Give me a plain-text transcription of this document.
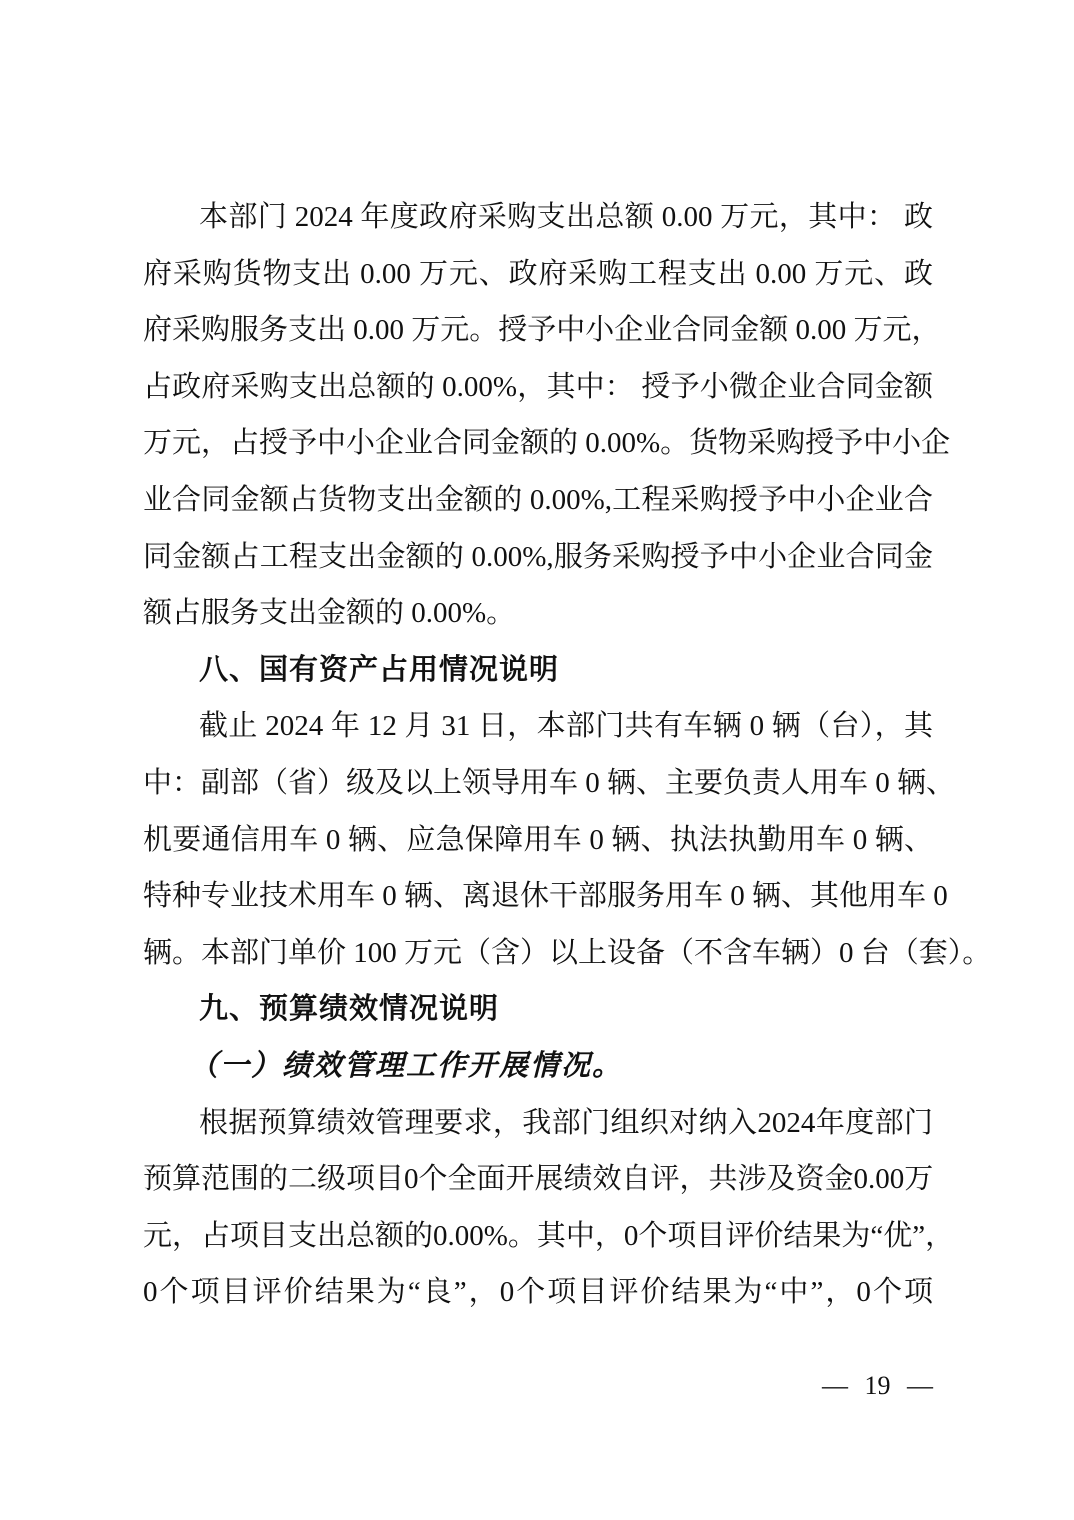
本部门 2024 年度政府采购支出总额 0.00 万元，其中： 政
府采购货物支出 0.00 万元、政府采购工程支出 0.00 万元、政
府采购服务支出 0.00 万元。授予中小企业合同金额 0.00 万元，
占政府采购支出总额的 0.00%，其中： 授予小微企业合同金额
万元，占授予中小企业合同金额的 0.00%。货物采购授予中小企
业合同金额占货物支出金额的 0.00%,工程采购授予中小企业合
同金额占工程支出金额的 0.00%,服务采购授予中小企业合同金
额占服务支出金额的 0.00%。
八、国有资产占用情况说明
截止 2024 年 12 月 31 日，本部门共有车辆 0 辆（台），其
中：副部（省）级及以上领导用车 0 辆、主要负责人用车 0 辆、
机要通信用车 0 辆、应急保障用车 0 辆、执法执勤用车 0 辆、
特种专业技术用车 0 辆、离退休干部服务用车 0 辆、其他用车 0
辆。本部门单价 100 万元（含）以上设备（不含车辆）0 台（套）。
九、预算绩效情况说明
（一）绩效管理工作开展情况。
根据预算绩效管理要求，我部门组织对纳入2024年度部门
预算范围的二级项目0个全面开展绩效自评，共涉及资金0.00万
元，占项目支出总额的0.00%。其中，0个项目评价结果为“优”，
0个项目评价结果为“良”，0个项目评价结果为“中”，0个项
— 19 —
